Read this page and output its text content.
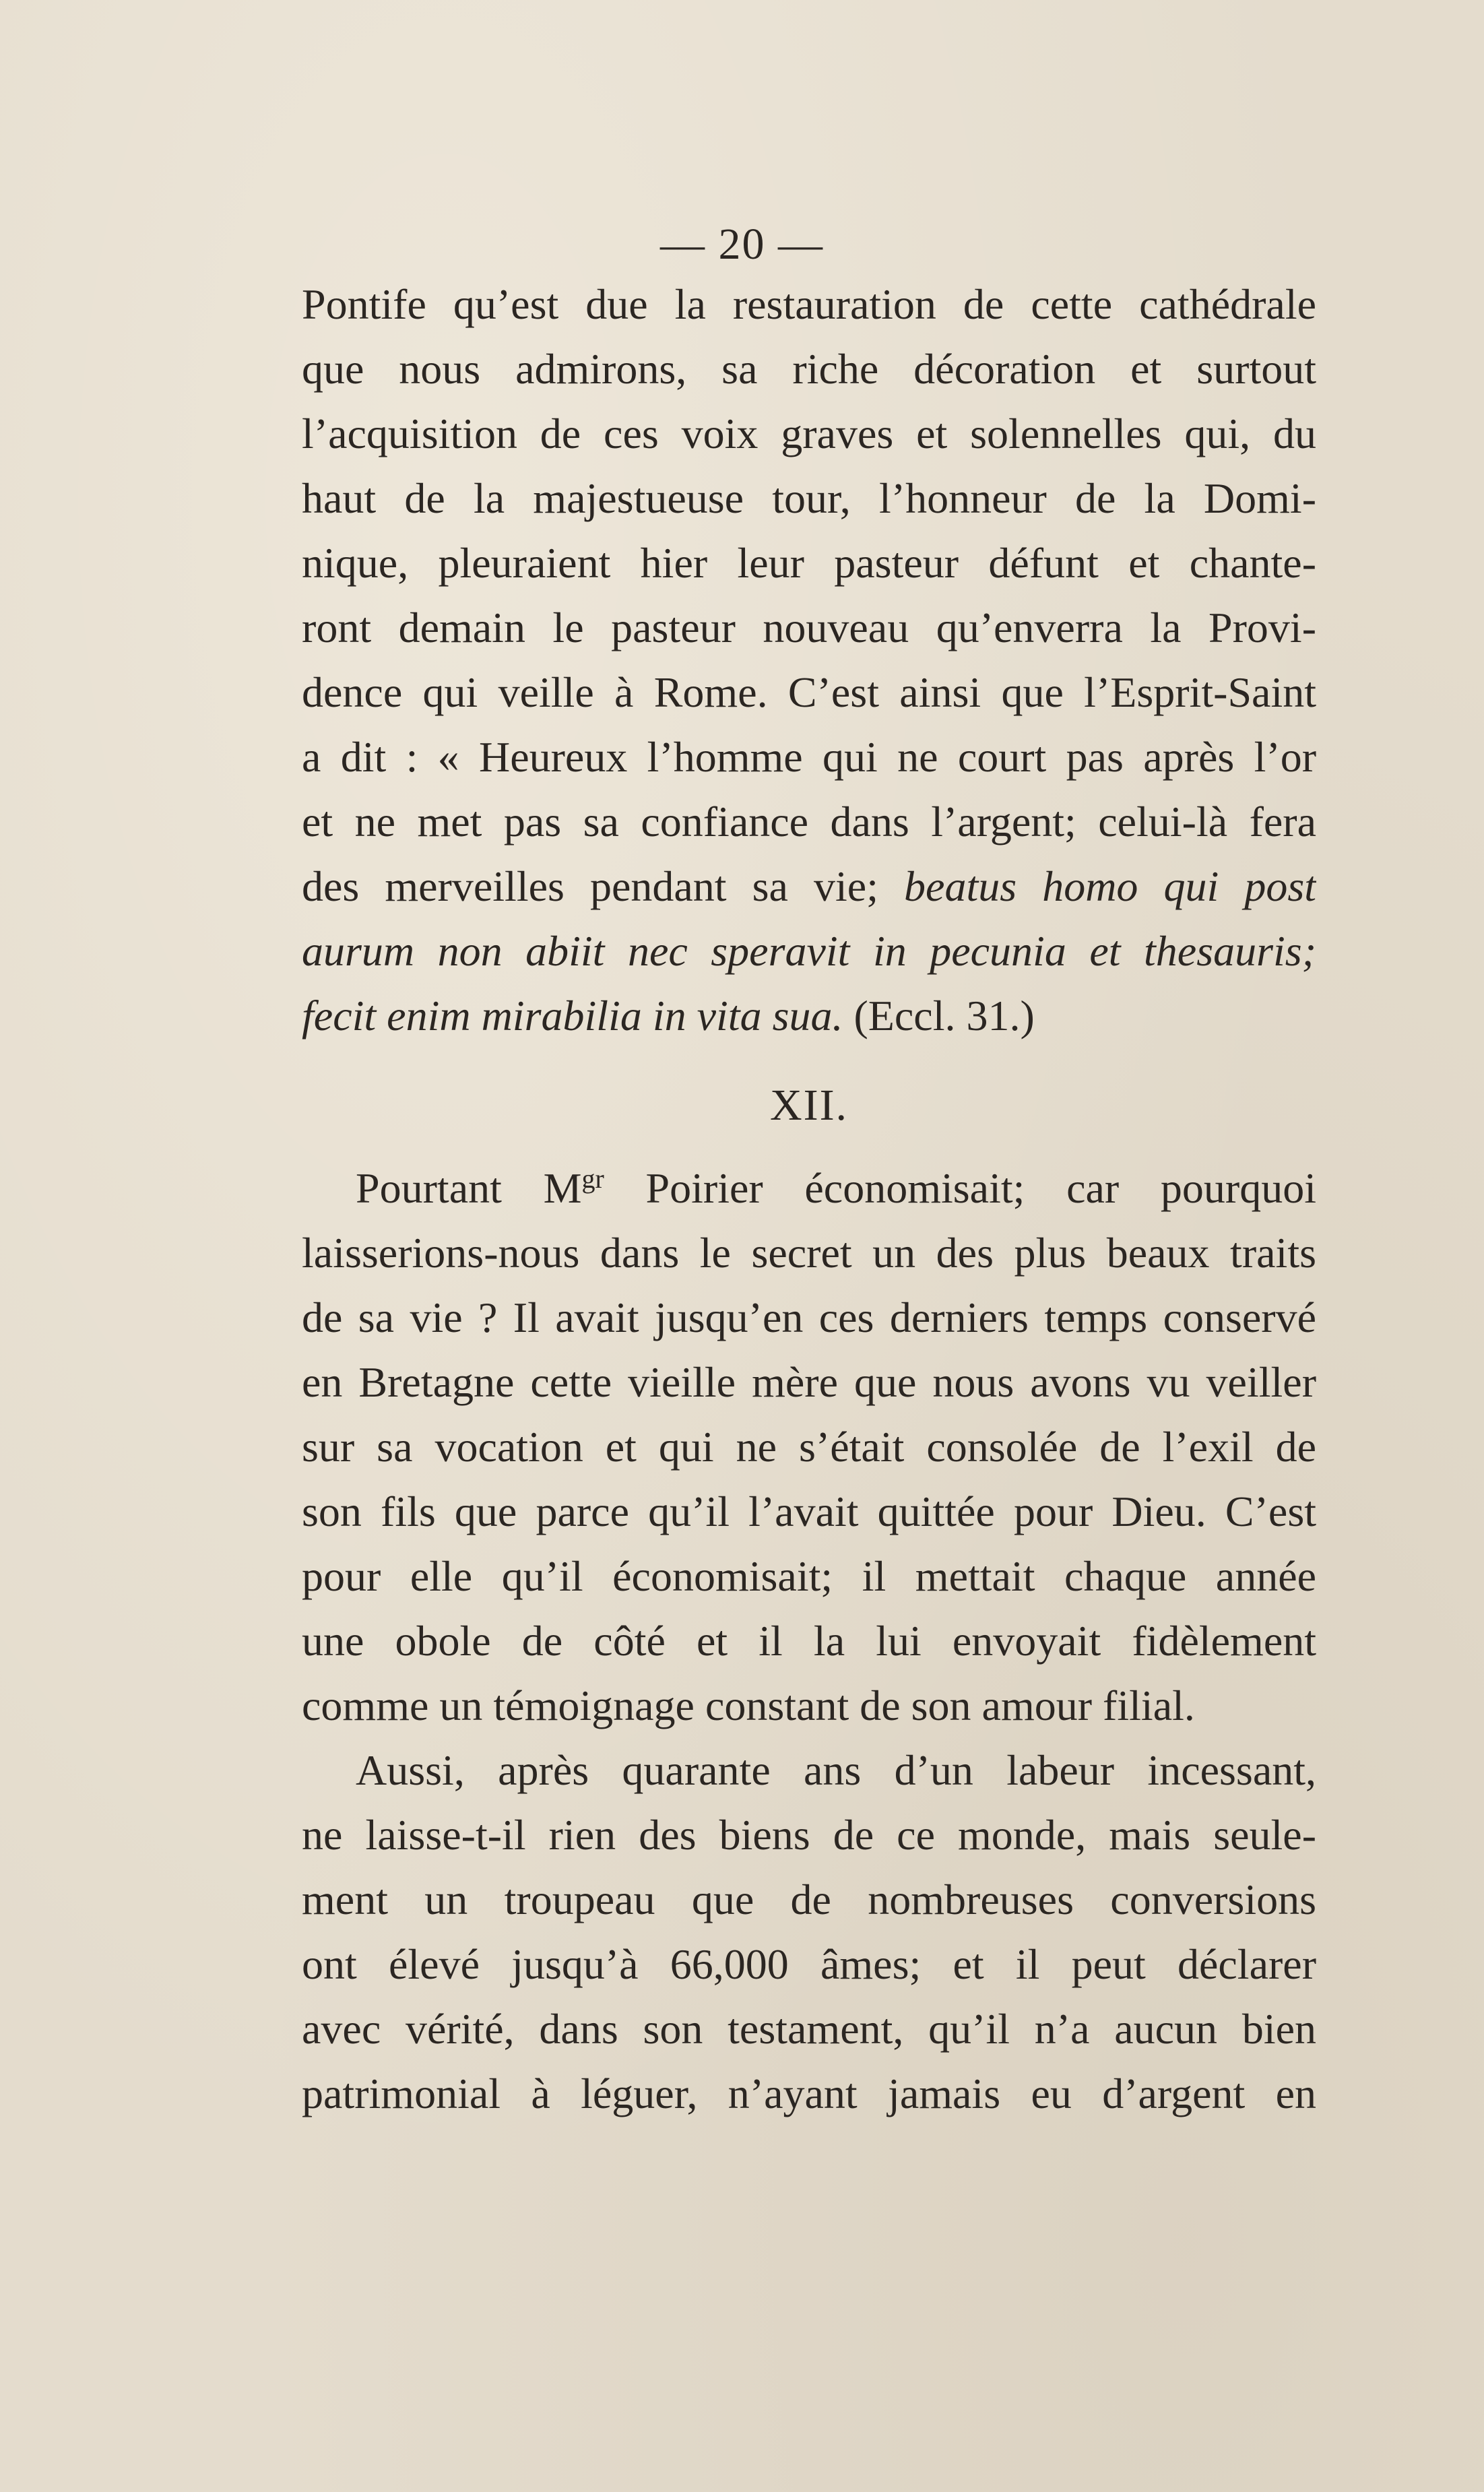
— 20 —
Pontife qu’est due la restauration de cette cathédrale
que nous admirons, sa riche décoration et surtout
l’acquisition de ces voix graves et solennelles qui, du
haut de la majestueuse tour, l’honneur de la Domi-
nique, pleuraient hier leur pasteur défunt et chante-
ront demain le pasteur nouveau qu’enverra la Provi-
dence qui veille à Rome. C’est ainsi que l’Esprit-Saint
a dit : « Heureux l’homme qui ne court pas après l’or
et ne met pas sa confiance dans l’argent; celui-là fera
des merveilles pendant sa vie; beatus homo qui post
aurum non abiit nec speravit in pecunia et thesauris;
fecit enim mirabilia in vita sua. (Eccl. 31.)
XII.
Pourtant $M^{gr}$ Poirier économisait; car pourquoi
laisserions-nous dans le secret un des plus beaux traits
de sa vie ? Il avait jusqu’en ces derniers temps conservé
en Bretagne cette vieille mère que nous avons vu veiller
sur sa vocation et qui ne s’était consolée de l’exil de
son fils que parce qu’il l’avait quittée pour Dieu. C’est
pour elle qu’il économisait; il mettait chaque année
une obole de côté et il la lui envoyait fidèlement
comme un témoignage constant de son amour filial.
Aussi, après quarante ans d’un labeur incessant,
ne laisse-t-il rien des biens de ce monde, mais seule-
ment un troupeau que de nombreuses conversions
ont élevé jusqu’à 66,000 âmes; et il peut déclarer
avec vérité, dans son testament, qu’il n’a aucun bien
patrimonial à léguer, n’ayant jamais eu d’argent en
